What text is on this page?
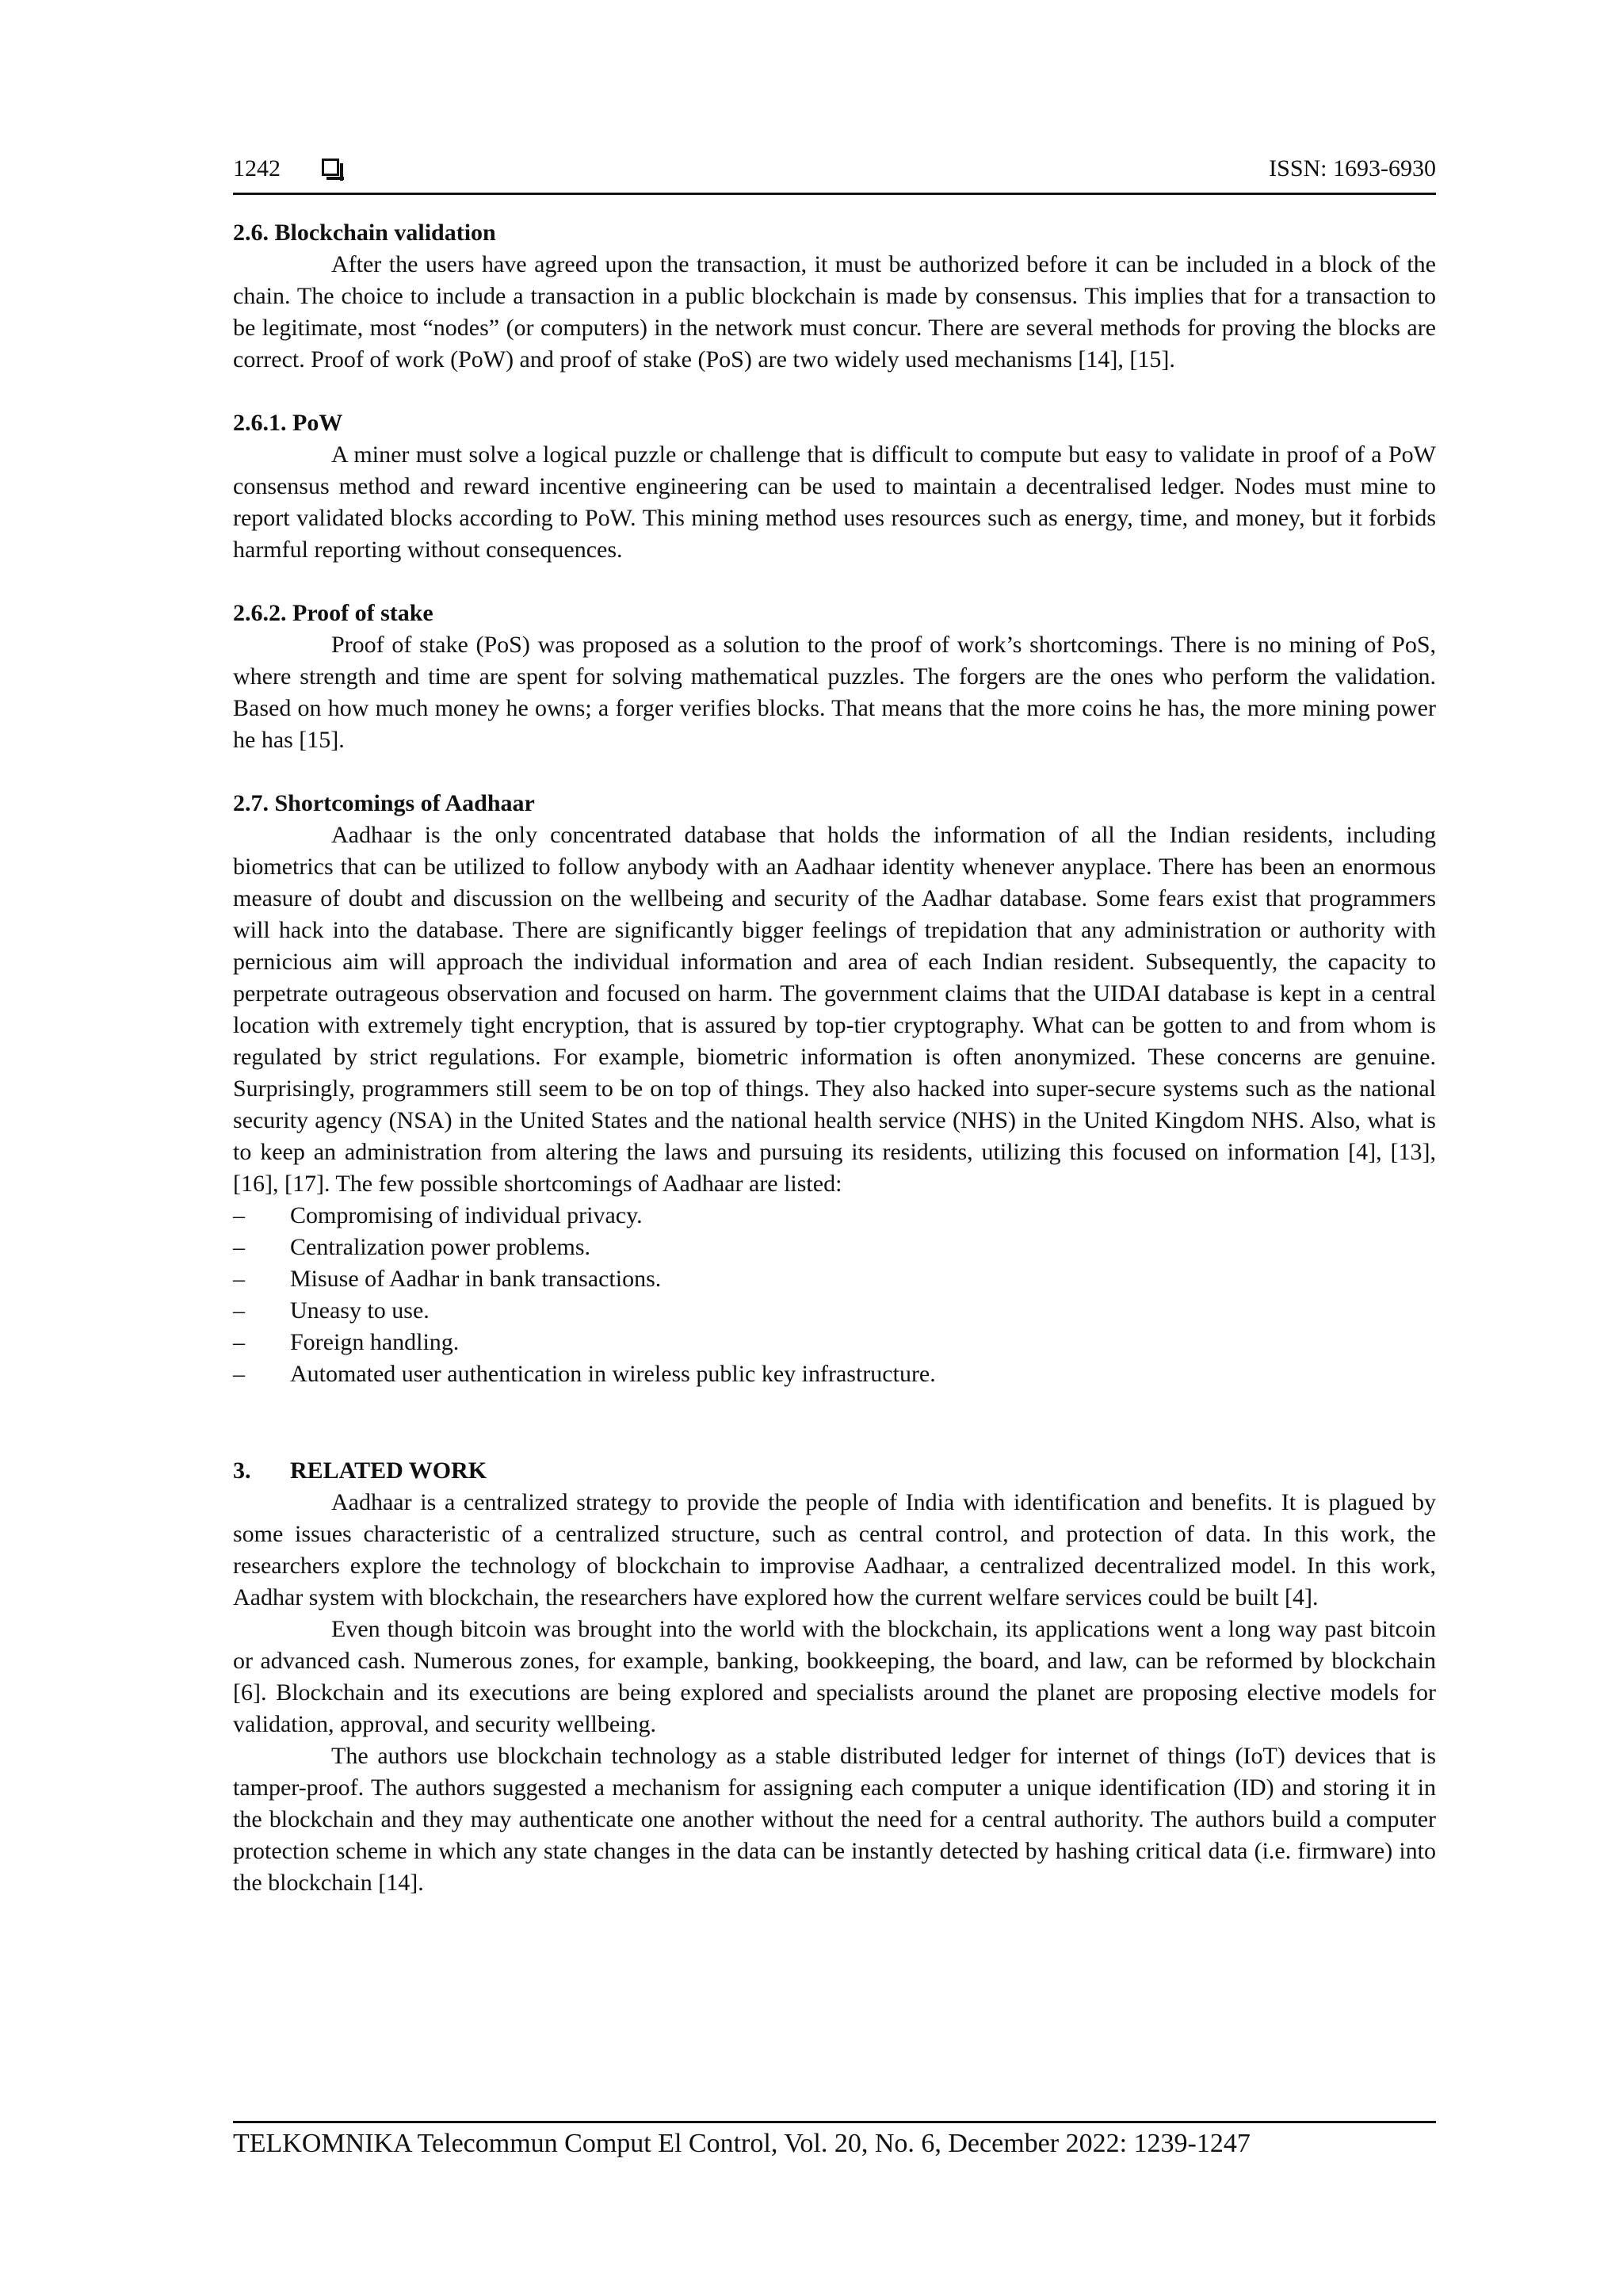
1242	ISSN: 1693-6930
2.6. Blockchain validation

After the users have agreed upon the transaction, it must be authorized before it can be included in a block of the chain. The choice to include a transaction in a public blockchain is made by consensus. This implies that for a transaction to be legitimate, most “nodes” (or computers) in the network must concur. There are several methods for proving the blocks are correct. Proof of work (PoW) and proof of stake (PoS) are two widely used mechanisms [14], [15].

2.6.1. PoW

A miner must solve a logical puzzle or challenge that is difficult to compute but easy to validate in proof of a PoW consensus method and reward incentive engineering can be used to maintain a decentralised ledger. Nodes must mine to report validated blocks according to PoW. This mining method uses resources such as energy, time, and money, but it forbids harmful reporting without consequences.

2.6.2. Proof of stake

Proof of stake (PoS) was proposed as a solution to the proof of work’s shortcomings. There is no mining of PoS, where strength and time are spent for solving mathematical puzzles. The forgers are the ones who perform the validation. Based on how much money he owns; a forger verifies blocks. That means that the more coins he has, the more mining power he has [15].

2.7. Shortcomings of Aadhaar

Aadhaar is the only concentrated database that holds the information of all the Indian residents, including biometrics that can be utilized to follow anybody with an Aadhaar identity whenever anyplace. There has been an enormous measure of doubt and discussion on the wellbeing and security of the Aadhar database. Some fears exist that programmers will hack into the database. There are significantly bigger feelings of trepidation that any administration or authority with pernicious aim will approach the individual information and area of each Indian resident. Subsequently, the capacity to perpetrate outrageous observation and focused on harm. The government claims that the UIDAI database is kept in a central location with extremely tight encryption, that is assured by top-tier cryptography. What can be gotten to and from whom is regulated by strict regulations. For example, biometric information is often anonymized. These concerns are genuine. Surprisingly, programmers still seem to be on top of things. They also hacked into super-secure systems such as the national security agency (NSA) in the United States and the national health service (NHS) in the United Kingdom NHS. Also, what is to keep an administration from altering the laws and pursuing its residents, utilizing this focused on information [4], [13], [16], [17]. The few possible shortcomings of Aadhaar are listed:

– Compromising of individual privacy.
– Centralization power problems.
– Misuse of Aadhar in bank transactions.
– Uneasy to use.
– Foreign handling.
– Automated user authentication in wireless public key infrastructure.
3.	RELATED WORK

Aadhaar is a centralized strategy to provide the people of India with identification and benefits. It is plagued by some issues characteristic of a centralized structure, such as central control, and protection of data. In this work, the researchers explore the technology of blockchain to improvise Aadhaar, a centralized decentralized model. In this work, Aadhar system with blockchain, the researchers have explored how the current welfare services could be built [4].

Even though bitcoin was brought into the world with the blockchain, its applications went a long way past bitcoin or advanced cash. Numerous zones, for example, banking, bookkeeping, the board, and law, can be reformed by blockchain [6]. Blockchain and its executions are being explored and specialists around the planet are proposing elective models for validation, approval, and security wellbeing.

The authors use blockchain technology as a stable distributed ledger for internet of things (IoT) devices that is tamper-proof. The authors suggested a mechanism for assigning each computer a unique identification (ID) and storing it in the blockchain and they may authenticate one another without the need for a central authority. The authors build a computer protection scheme in which any state changes in the data can be instantly detected by hashing critical data (i.e. firmware) into the blockchain [14].

TELKOMNIKA Telecommun Comput El Control, Vol. 20, No. 6, December 2022: 1239-1247
